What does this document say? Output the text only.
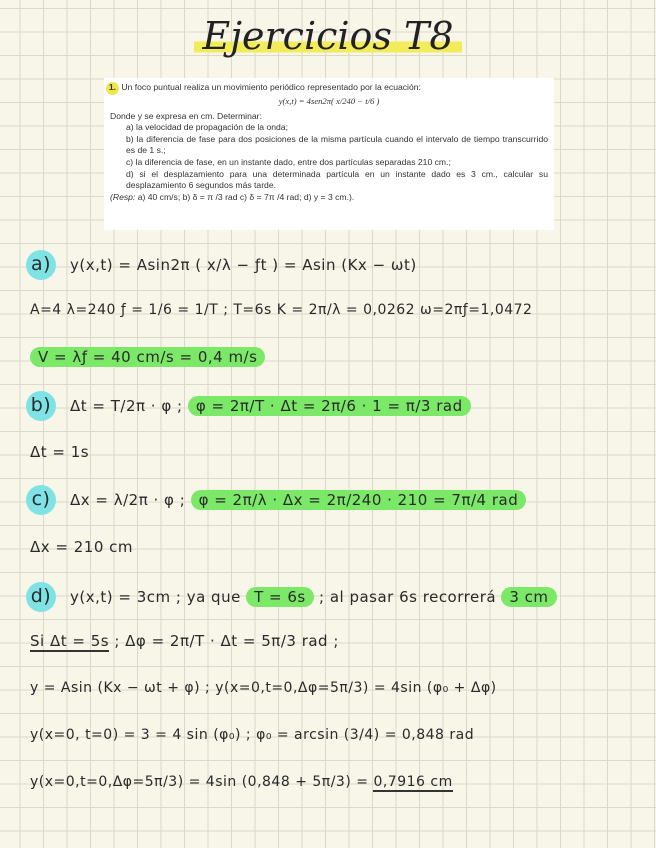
Ejercicios T8
1. Un foco puntual realiza un movimiento periódico representado por la ecuación:
y(x,t) = 4sen2π( x/240 − t/6 )
Donde y se expresa en cm. Determinar:
a) la velocidad de propagación de la onda;
b) la diferencia de fase para dos posiciones de la misma partícula cuando el intervalo de tiempo transcurrido es de 1 s.;
c) la diferencia de fase, en un instante dado, entre dos partículas separadas 210 cm.;
d) si el desplazamiento para una determinada partícula en un instante dado es 3 cm., calcular su desplazamiento 6 segundos más tarde.
(Resp: a) 40 cm/s; b) δ = π /3 rad c) δ = 7π /4 rad; d) y = 3 cm.).
a) y(x,t) = Asin2π ( x/λ − ƒt ) = Asin (Kx − ωt)
A=4 λ=240 ƒ = 1/6 = 1/T ; T=6s K = 2π/λ = 0,0262 ω=2πƒ=1,0472
V = λƒ = 40 cm/s = 0,4 m/s
b) Δt = T/2π · φ ; φ = 2π/T · Δt = 2π/6 · 1 = π/3 rad
Δt = 1s
c) Δx = λ/2π · φ ; φ = 2π/λ · Δx = 2π/240 · 210 = 7π/4 rad
Δx = 210 cm
d) y(x,t) = 3cm ; ya que T = 6s ; al pasar 6s recorrerá 3 cm
Si Δt = 5s ; Δφ = 2π/T · Δt = 5π/3 rad ;
y = Asin (Kx − ωt + φ) ; y(x=0,t=0,Δφ=5π/3) = 4sin (φ₀ + Δφ)
y(x=0, t=0) = 3 = 4 sin (φ₀) ; φ₀ = arcsin (3/4) = 0,848 rad
y(x=0,t=0,Δφ=5π/3) = 4sin (0,848 + 5π/3) = 0,7916 cm
